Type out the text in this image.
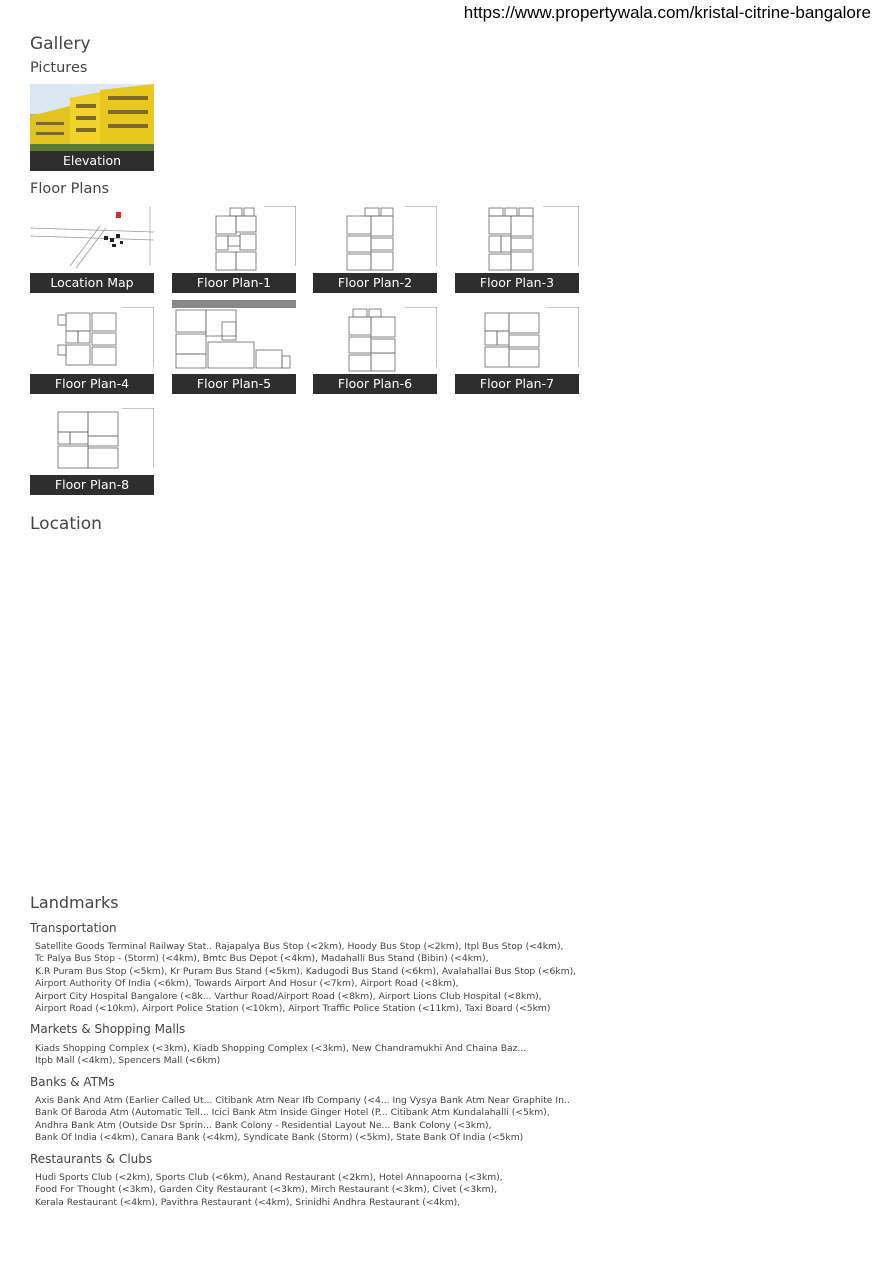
https://www.propertywala.com/kristal-citrine-bangalore
Gallery
Pictures
Elevation
Floor Plans
Location Map	Floor Plan-1	Floor Plan-2	Floor Plan-3
Floor Plan-4	Floor Plan-5	Floor Plan-6	Floor Plan-7
Floor Plan-8
Location
Landmarks
Transportation
Satellite Goods Terminal Railway Stat.. Rajapalya Bus Stop (<2km), Hoody Bus Stop (<2km), Itpl Bus Stop (<4km),
Tc Palya Bus Stop - (Storm) (<4km), Bmtc Bus Depot (<4km), Madahalli Bus Stand (Bibin) (<4km),
K.R Puram Bus Stop (<5km), Kr Puram Bus Stand (<5km), Kadugodi Bus Stand (<6km), Avalahallai Bus Stop (<6km),
Airport Authority Of India (<6km), Towards Airport And Hosur (<7km), Airport Road (<8km),
Airport City Hospital Bangalore (<8k... Varthur Road/Airport Road (<8km), Airport Lions Club Hospital (<8km),
Airport Road (<10km), Airport Police Station (<10km), Airport Traffic Police Station (<11km), Taxi Board (<5km)
Markets & Shopping Malls
Kiads Shopping Complex (<3km), Kiadb Shopping Complex (<3km), New Chandramukhi And Chaina Baz...
Itpb Mall (<4km), Spencers Mall (<6km)
Banks & ATMs
Axis Bank And Atm (Earlier Called Ut... Citibank Atm Near Ifb Company (<4... Ing Vysya Bank Atm Near Graphite In..
Bank Of Baroda Atm (Automatic Tell... Icici Bank Atm Inside Ginger Hotel (P... Citibank Atm Kundalahalli (<5km),
Andhra Bank Atm (Outside Dsr Sprin... Bank Colony - Residential Layout Ne... Bank Colony (<3km),
Bank Of India (<4km), Canara Bank (<4km), Syndicate Bank (Storm) (<5km), State Bank Of India (<5km)
Restaurants & Clubs
Hudi Sports Club (<2km), Sports Club (<6km), Anand Restaurant (<2km), Hotel Annapoorna (<3km),
Food For Thought (<3km), Garden City Restaurant (<3km), Mirch Restaurant (<3km), Civet (<3km),
Kerala Restaurant (<4km), Pavithra Restaurant (<4km), Srinidhi Andhra Restaurant (<4km),
